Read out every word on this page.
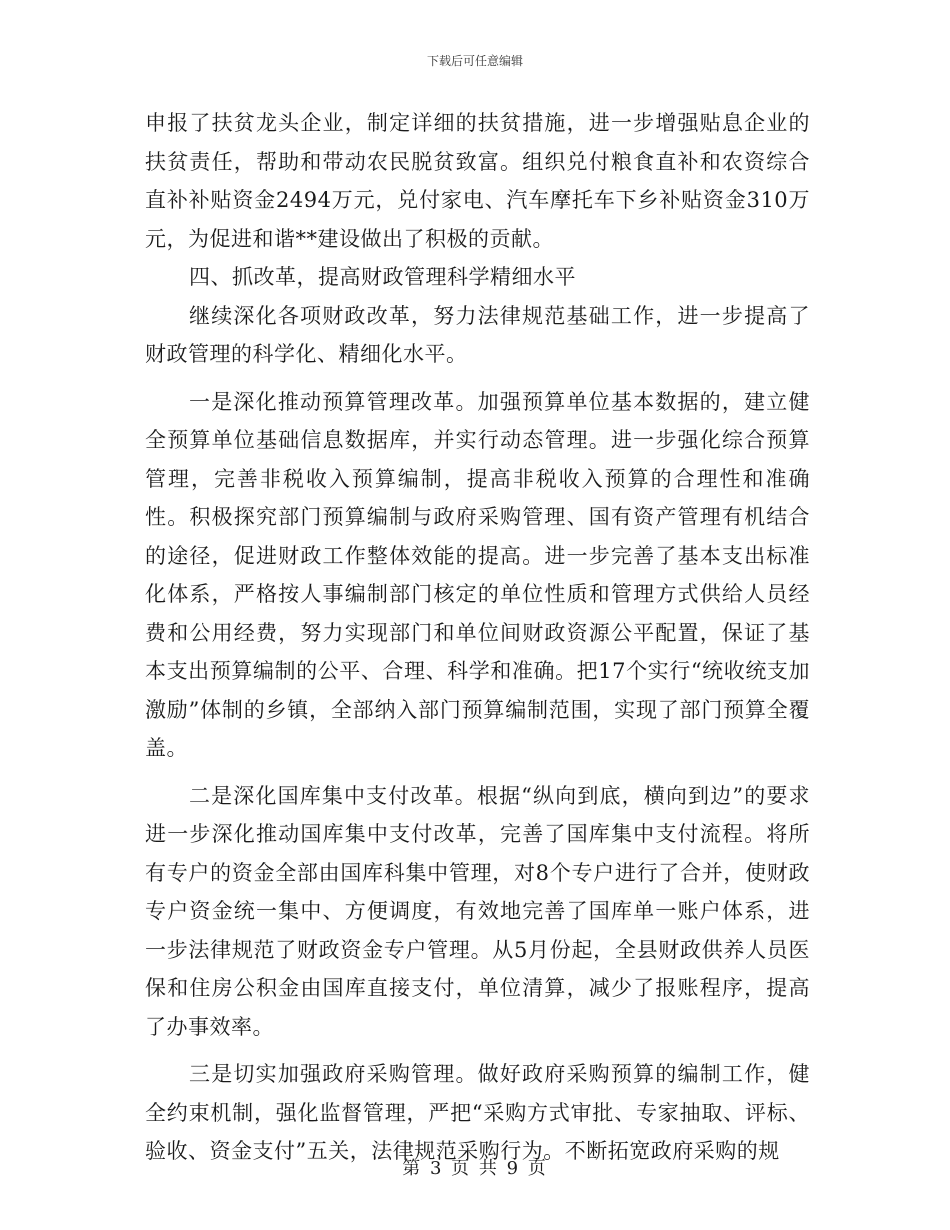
下载后可任意编辑

申报了扶贫龙头企业，制定详细的扶贫措施，进一步增强贴息企业的扶贫责任，帮助和带动农民脱贫致富。组织兑付粮食直补和农资综合直补补贴资金2494万元，兑付家电、汽车摩托车下乡补贴资金310万元，为促进和谐**建设做出了积极的贡献。

四、抓改革，提高财政管理科学精细水平

继续深化各项财政改革，努力法律规范基础工作，进一步提高了财政管理的科学化、精细化水平。

一是深化推动预算管理改革。加强预算单位基本数据的，建立健全预算单位基础信息数据库，并实行动态管理。进一步强化综合预算管理，完善非税收入预算编制，提高非税收入预算的合理性和准确性。积极探究部门预算编制与政府采购管理、国有资产管理有机结合的途径，促进财政工作整体效能的提高。进一步完善了基本支出标准化体系，严格按人事编制部门核定的单位性质和管理方式供给人员经费和公用经费，努力实现部门和单位间财政资源公平配置，保证了基本支出预算编制的公平、合理、科学和准确。把17个实行“统收统支加激励”体制的乡镇，全部纳入部门预算编制范围，实现了部门预算全覆盖。

二是深化国库集中支付改革。根据“纵向到底，横向到边”的要求进一步深化推动国库集中支付改革，完善了国库集中支付流程。将所有专户的资金全部由国库科集中管理，对8个专户进行了合并，使财政专户资金统一集中、方便调度，有效地完善了国库单一账户体系，进一步法律规范了财政资金专户管理。从5月份起，全县财政供养人员医保和住房公积金由国库直接支付，单位清算，减少了报账程序，提高了办事效率。

三是切实加强政府采购管理。做好政府采购预算的编制工作，健全约束机制，强化监督管理，严把“采购方式审批、专家抽取、评标、验收、资金支付”五关，法律规范采购行为。不断拓宽政府采购的规

第 3 页 共 9 页
